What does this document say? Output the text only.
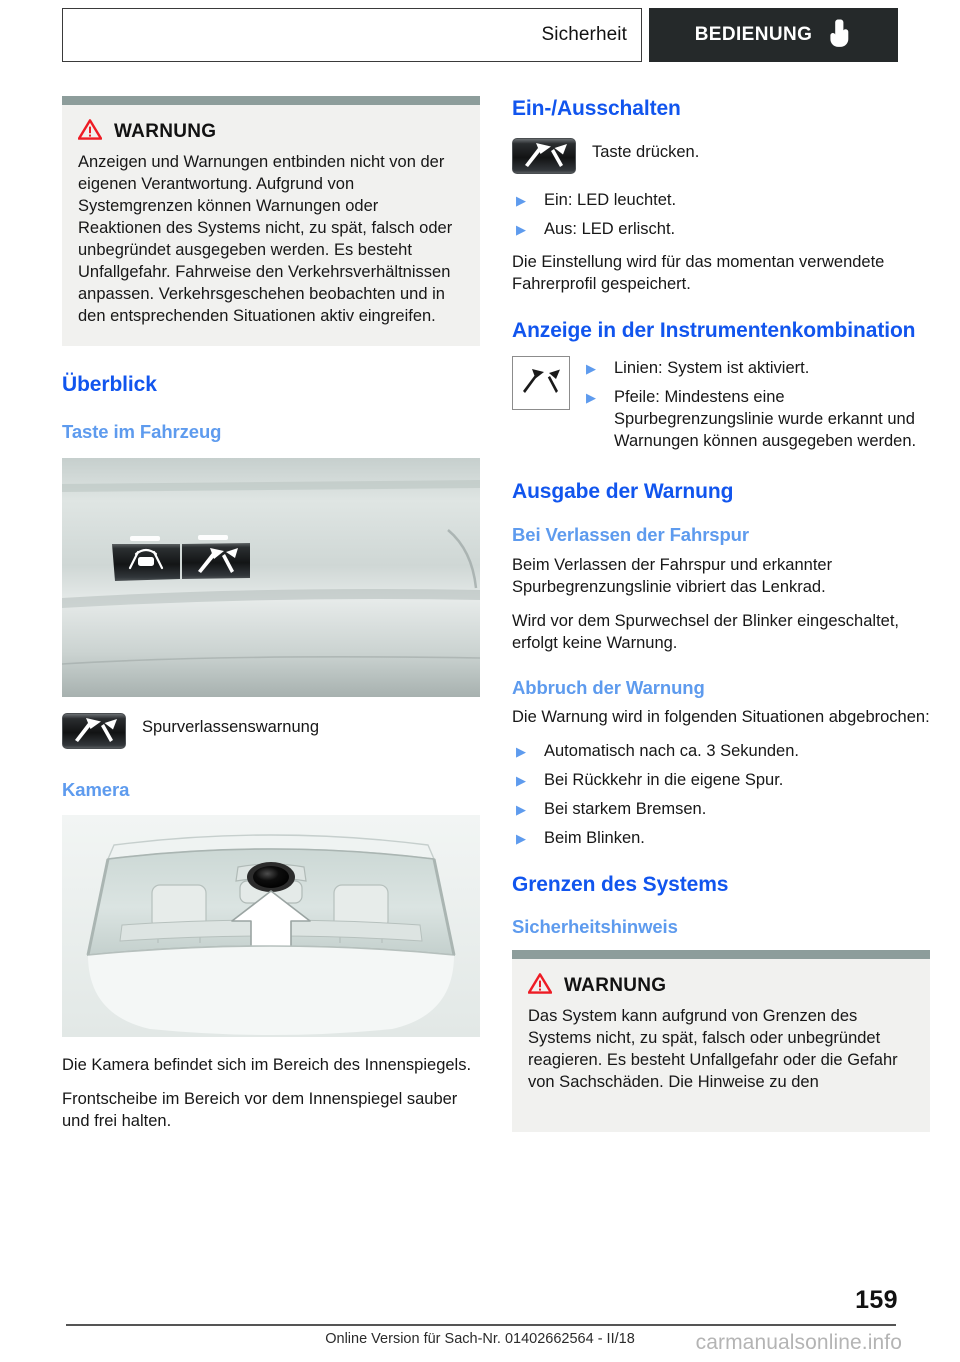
Sicherheit	BEDIENUNG
WARNUNG

Anzeigen und Warnungen entbinden nicht von der eigenen Verantwortung. Aufgrund von Systemgrenzen können Warnungen oder Reaktionen des Systems nicht, zu spät, falsch oder unbegründet ausgegeben werden. Es besteht Unfallgefahr. Fahrweise den Verkehrsverhältnissen anpassen. Verkehrsgeschehen beobachten und in den entsprechenden Situationen aktiv eingreifen.

Überblick
Taste im Fahrzeug
Spurverlassenswarnung
Kamera

Die Kamera befindet sich im Bereich des Innenspiegels.

Frontscheibe im Bereich vor dem Innenspiegel sauber und frei halten.

Ein-/Ausschalten
Taste drücken.
▶ Ein: LED leuchtet.
▶ Aus: LED erlischt.

Die Einstellung wird für das momentan verwendete Fahrerprofil gespeichert.

Anzeige in der Instrumentenkombination
▶ Linien: System ist aktiviert.
▶ Pfeile: Mindestens eine Spurbegrenzungslinie wurde erkannt und Warnungen können ausgegeben werden.
Ausgabe der Warnung
Bei Verlassen der Fahrspur

Beim Verlassen der Fahrspur und erkannter Spurbegrenzungslinie vibriert das Lenkrad.

Wird vor dem Spurwechsel der Blinker eingeschaltet, erfolgt keine Warnung.

Abbruch der Warnung

Die Warnung wird in folgenden Situationen abgebrochen:

▶ Automatisch nach ca. 3 Sekunden.
▶ Bei Rückkehr in die eigene Spur.
▶ Bei starkem Bremsen.
▶ Beim Blinken.
Grenzen des Systems
Sicherheitshinweis
WARNUNG

Das System kann aufgrund von Grenzen des Systems nicht, zu spät, falsch oder unbegründet reagieren. Es besteht Unfallgefahr oder die Gefahr von Sachschäden. Die Hinweise zu den

159
Online Version für Sach-Nr. 01402662564 - II/18	carmanualsonline.info
